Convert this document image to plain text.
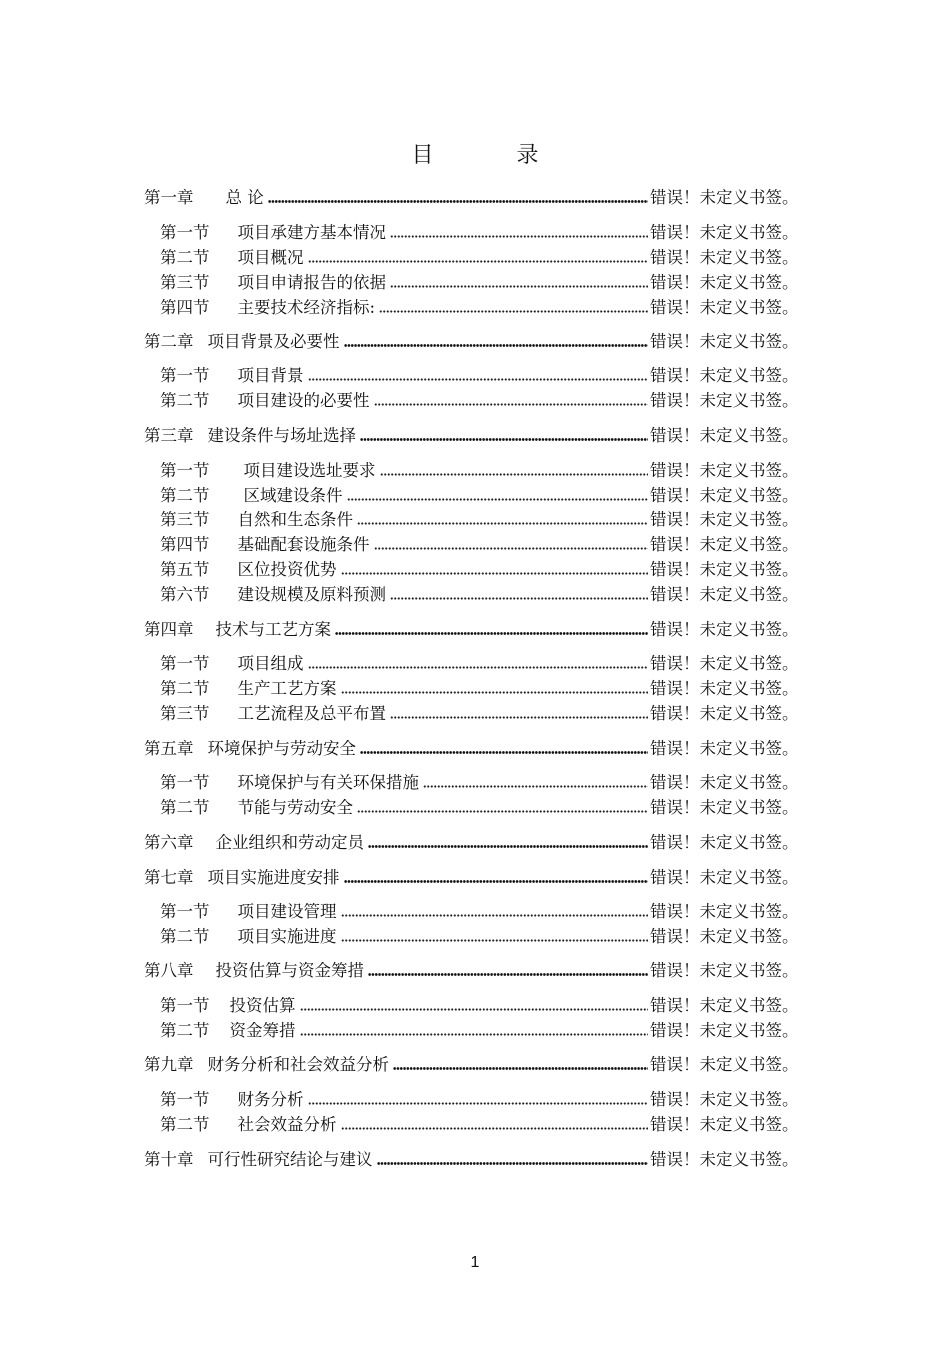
目 录
第一章 总 论	错误！未定义书签。
第一节 项目承建方基本情况	错误！未定义书签。
第二节 项目概况	错误！未定义书签。
第三节 项目申请报告的依据	错误！未定义书签。
第四节 主要技术经济指标:	错误！未定义书签。
第二章 项目背景及必要性	错误！未定义书签。
第一节 项目背景	错误！未定义书签。
第二节 项目建设的必要性	错误！未定义书签。
第三章 建设条件与场址选择	错误！未定义书签。
第一节 项目建设选址要求	错误！未定义书签。
第二节 区域建设条件	错误！未定义书签。
第三节 自然和生态条件	错误！未定义书签。
第四节 基础配套设施条件	错误！未定义书签。
第五节 区位投资优势	错误！未定义书签。
第六节 建设规模及原料预测	错误！未定义书签。
第四章 技术与工艺方案	错误！未定义书签。
第一节 项目组成	错误！未定义书签。
第二节 生产工艺方案	错误！未定义书签。
第三节 工艺流程及总平布置	错误！未定义书签。
第五章 环境保护与劳动安全	错误！未定义书签。
第一节 环境保护与有关环保措施	错误！未定义书签。
第二节 节能与劳动安全	错误！未定义书签。
第六章 企业组织和劳动定员	错误！未定义书签。
第七章 项目实施进度安排	错误！未定义书签。
第一节 项目建设管理	错误！未定义书签。
第二节 项目实施进度	错误！未定义书签。
第八章 投资估算与资金筹措	错误！未定义书签。
第一节 投资估算	错误！未定义书签。
第二节 资金筹措	错误！未定义书签。
第九章 财务分析和社会效益分析	错误！未定义书签。
第一节 财务分析	错误！未定义书签。
第二节 社会效益分析	错误！未定义书签。
第十章 可行性研究结论与建议	错误！未定义书签。
1
